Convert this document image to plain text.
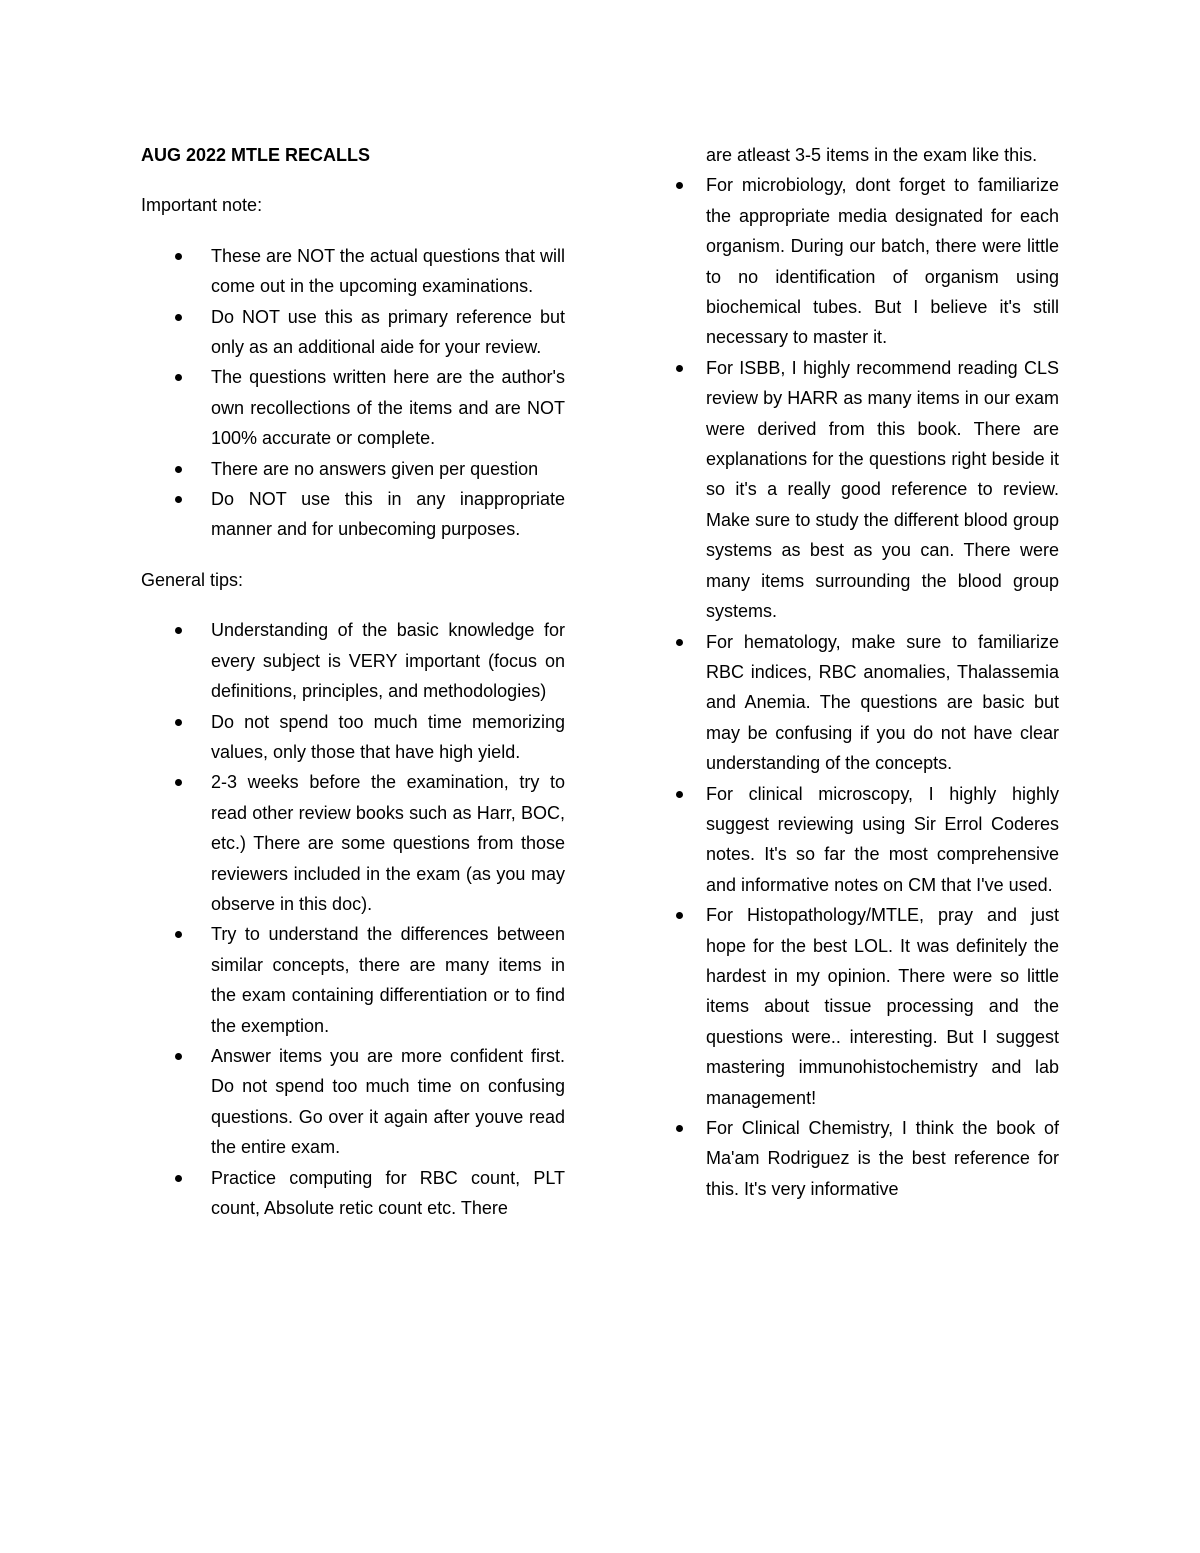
AUG 2022 MTLE RECALLS
Important note:
These are NOT the actual questions that will come out in the upcoming examinations.
Do NOT use this as primary reference but only as an additional aide for your review.
The questions written here are the author's own recollections of the items and are NOT 100% accurate or complete.
There are no answers given per question
Do NOT use this in any inappropriate manner and for unbecoming purposes.
General tips:
Understanding of the basic knowledge for every subject is VERY important (focus on definitions, principles, and methodologies)
Do not spend too much time memorizing values, only those that have high yield.
2-3 weeks before the examination, try to read other review books such as Harr, BOC, etc.) There are some questions from those reviewers included in the exam (as you may observe in this doc).
Try to understand the differences between similar concepts, there are many items in the exam containing differentiation or to find the exemption.
Answer items you are more confident first. Do not spend too much time on confusing questions. Go over it again after youve read the entire exam.
Practice computing for RBC count, PLT count, Absolute retic count etc. There
are atleast 3-5 items in the exam like this.
For microbiology, dont forget to familiarize the appropriate media designated for each organism. During our batch, there were little to no identification of organism using biochemical tubes. But I believe it's still necessary to master it.
For ISBB, I highly recommend reading CLS review by HARR as many items in our exam were derived from this book. There are explanations for the questions right beside it so it's a really good reference to review. Make sure to study the different blood group systems as best as you can. There were many items surrounding the blood group systems.
For hematology, make sure to familiarize RBC indices, RBC anomalies, Thalassemia and Anemia. The questions are basic but may be confusing if you do not have clear understanding of the concepts.
For clinical microscopy, I highly highly suggest reviewing using Sir Errol Coderes notes. It's so far the most comprehensive and informative notes on CM that I've used.
For Histopathology/MTLE, pray and just hope for the best LOL. It was definitely the hardest in my opinion. There were so little items about tissue processing and the questions were.. interesting. But I suggest mastering immunohistochemistry and lab management!
For Clinical Chemistry, I think the book of Ma'am Rodriguez is the best reference for this. It's very informative
